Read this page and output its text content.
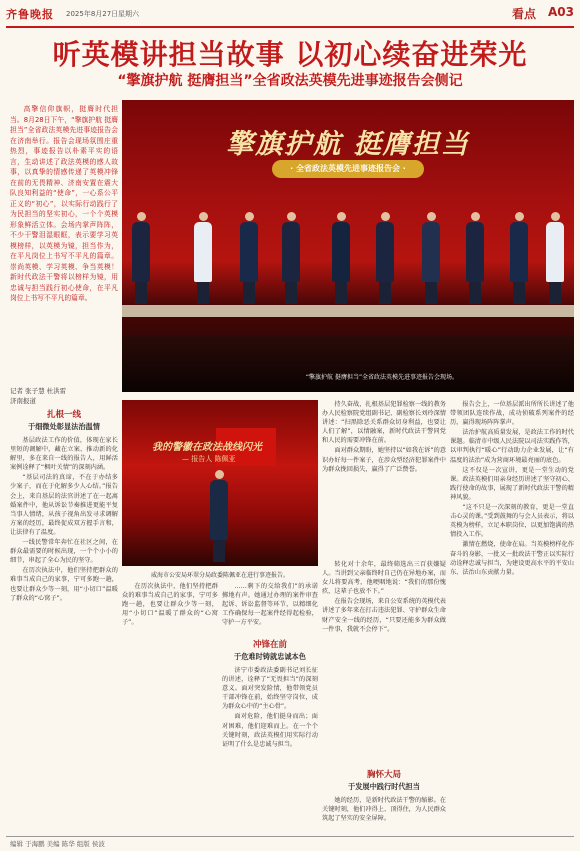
齐鲁晚报 2025年8月27日 星期六	看点 A03
听英模讲担当故事 以初心续奋进荣光
“擎旗护航 挺膺担当”全省政法英模先进事迹报告会侧记

高擎信仰旗帜，挺膺时代担当。8月28日下午，“擎旗护航 挺膺担当”全省政法英模先进事迹报告会在济南举行。报告会现场氛围庄重热烈，事迹报告以朴素平实的语言，生动讲述了政法英模的感人故事，以真挚的情感传递了英模冲锋在前的无畏精神、济南安置在震大队良知利益的“使命”，一心系公平正义的“初心”，以实际行动践行了为民担当的坚实初心，一个个英模形象鲜活立体。会场内掌声阵阵，不少干警泪湿眼眶，表示要学习英模榜样，以英模为镜，担当作为，在平凡岗位上书写不平凡的篇章。崇尚英模、学习英模、争当英模！新时代政法干警将以榜样为镜，用忠诚与担当践行初心使命，在平凡岗位上书写不平凡的篇章。

记者 张子慧 杜洪雷
济南报道
擎旗护航 挺膺担当
· 全省政法英模先进事迹报告会 ·
“擎旗护航 挺膺担当”全省政法英模先进事迹报告会现场。
扎根一线
于细微处彰显法治温情

基层政法工作的价值，体现在家长里短的调解中，藏在立案、推动新的化解里，多在来自一线的报告人，用鲜活案例诠释了“枫叶关情”的深刻内涵。

“基层司法的真谛，不在于办结多少案子，而在于化解多少人心结。”报告会上，来自基层的法官讲述了在一起离婚案件中，他从诉讼节奏推进更能平复当事人情绪，从孩子视角出发寻求调解方案的经历，最终促成双方握手言和，让法律有了温度。

一线民警常年奔忙在社区之间，在群众最需要的时候出现，一个个小小的细节，串起了全心为民的坚守。

在历次执法中，他们坚持把群众的难事当成自己的家事，宁可多跑一趟，也要让群众少等一刻，用“小切口”温暖了群众的“心窝子”。

我的警徽在政法战线闪光
— 报告人 陈佩亚
威海市公安局环翠分局政委陈佩亚在进行事迹报告。

在历次执法中，他们坚持把群众的难事当成自己的家事，宁可多跑一趟，也要让群众少等一刻，用“小切口”温暖了群众的“心窝子”。

冲锋在前
于危难时铸就忠诚本色

……剩下的交给我们”的承诺掷地有声。她通过办理的案件审查起诉、诉讼监督等环节，以精细化工作确保每一起案件经得起检验，守护一方平安。

济宁市委政法委副书记刘长征的讲述，诠释了“无畏担当”的深刻意义。面对突发险情，他带领党员干部冲锋在前，始终坚守岗位，成为群众心中的“主心骨”。

面对危险，他们挺身而出；面对困难，他们迎难而上。在一个个关键时刻，政法英模们用实际行动证明了什么是忠诚与担当。

持久奋战，扎根基层犯罪检察一线的教务办人民检察院党组副书记、副检察长刘玲深情讲述：“扫黑除恶关系群众切身利益，也要让人们了解”，以情融案，新时代政法干警同党和人民的需要冲锋在前。

面对群众期盼，她坚持以“如我在诉”的意识办好每一件案子，在涉众型经济犯罪案件中为群众挽回损失，赢得了广泛赞誉。

转化对十余年，最终筛选出三百获嫌疑人。当讲到父亲临终时自己仍在异地办案，而女儿将要高考，他哽咽地说：“我们的那份愧疚，这辈子也放不下。”

在报告会现场，来自公安系统的英模代表讲述了多年来在打击违法犯罪、守护群众生命财产安全一线的经历，“只要还能多为群众做一件事，我就不会停下”。

胸怀大局
于发展中践行时代担当

她的经历，是新时代政法干警的缩影。在关键时刻，他们冲得上、顶得住，为人民群众筑起了坚实的安全屏障。

报告会上，一位基层派出所所长讲述了他带领团队连续作战，成功侦破系列案件的经历，赢得现场阵阵掌声。

法治护航高质量发展，是政法工作的时代课题。临清市中级人民法院以司法实践作答，以审判执行“暖心”行动助力企业发展，让“有温度的法治”成为营商环境最亮丽的底色。

这不仅是一次宣讲，更是一堂生动的党课。政法英模们用亲身经历讲述了坚守初心、践行使命的故事，展现了新时代政法干警的精神风貌。

“这不只是一次深刻的教育，更是一堂直击心灵的课。”受到鼓舞的与会人员表示，将以英模为榜样，立足本职岗位，以更加饱满的热情投入工作。

激情在燃烧，使命在肩。当英模榜样化作奋斗的身影，一批又一批政法干警正以实际行动诠释忠诚与担当，为建设更高水平的平安山东、法治山东贡献力量。

编辑 于海鹏 美编 陈华 组版 侯波
